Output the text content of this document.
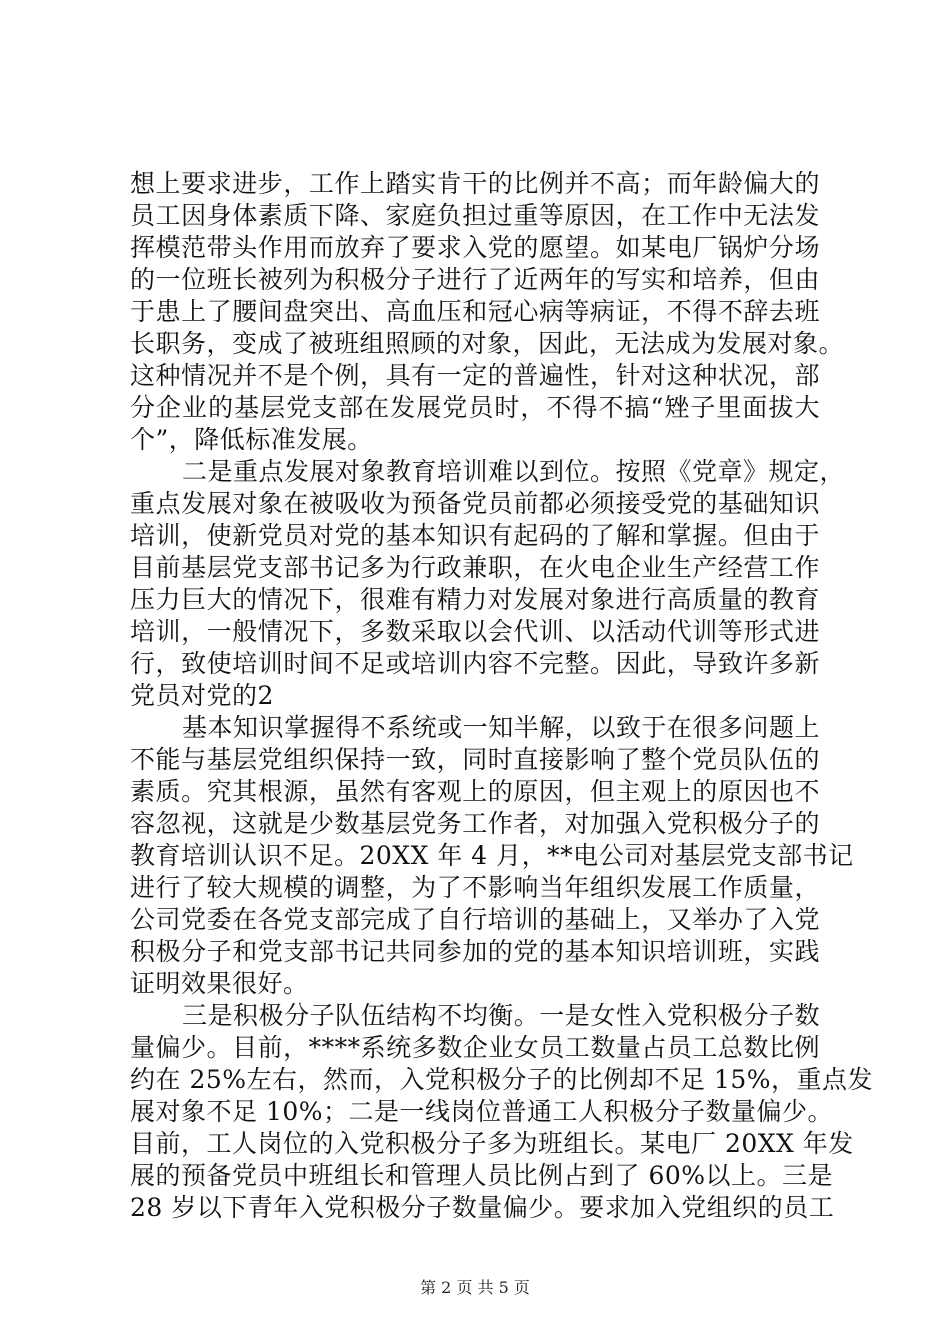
想上要求进步，工作上踏实肯干的比例并不高；而年龄偏大的
员工因身体素质下降、家庭负担过重等原因，在工作中无法发
挥模范带头作用而放弃了要求入党的愿望。如某电厂锅炉分场
的一位班长被列为积极分子进行了近两年的写实和培养，但由
于患上了腰间盘突出、高血压和冠心病等病证，不得不辞去班
长职务，变成了被班组照顾的对象，因此，无法成为发展对象。
这种情况并不是个例，具有一定的普遍性，针对这种状况，部
分企业的基层党支部在发展党员时，不得不搞“矬子里面拔大
个”，降低标准发展。
二是重点发展对象教育培训难以到位。按照《党章》规定，
重点发展对象在被吸收为预备党员前都必须接受党的基础知识
培训，使新党员对党的基本知识有起码的了解和掌握。但由于
目前基层党支部书记多为行政兼职，在火电企业生产经营工作
压力巨大的情况下，很难有精力对发展对象进行高质量的教育
培训，一般情况下，多数采取以会代训、以活动代训等形式进
行，致使培训时间不足或培训内容不完整。因此，导致许多新
党员对党的2
基本知识掌握得不系统或一知半解，以致于在很多问题上
不能与基层党组织保持一致，同时直接影响了整个党员队伍的
素质。究其根源，虽然有客观上的原因，但主观上的原因也不
容忽视，这就是少数基层党务工作者，对加强入党积极分子的
教育培训认识不足。20XX 年 4 月，**电公司对基层党支部书记
进行了较大规模的调整，为了不影响当年组织发展工作质量，
公司党委在各党支部完成了自行培训的基础上，又举办了入党
积极分子和党支部书记共同参加的党的基本知识培训班，实践
证明效果很好。
三是积极分子队伍结构不均衡。一是女性入党积极分子数
量偏少。目前，****系统多数企业女员工数量占员工总数比例
约在 25%左右，然而，入党积极分子的比例却不足 15%，重点发
展对象不足 10%；二是一线岗位普通工人积极分子数量偏少。
目前，工人岗位的入党积极分子多为班组长。某电厂 20XX 年发
展的预备党员中班组长和管理人员比例占到了 60%以上。三是
28 岁以下青年入党积极分子数量偏少。要求加入党组织的员工
第 2 页 共 5 页
